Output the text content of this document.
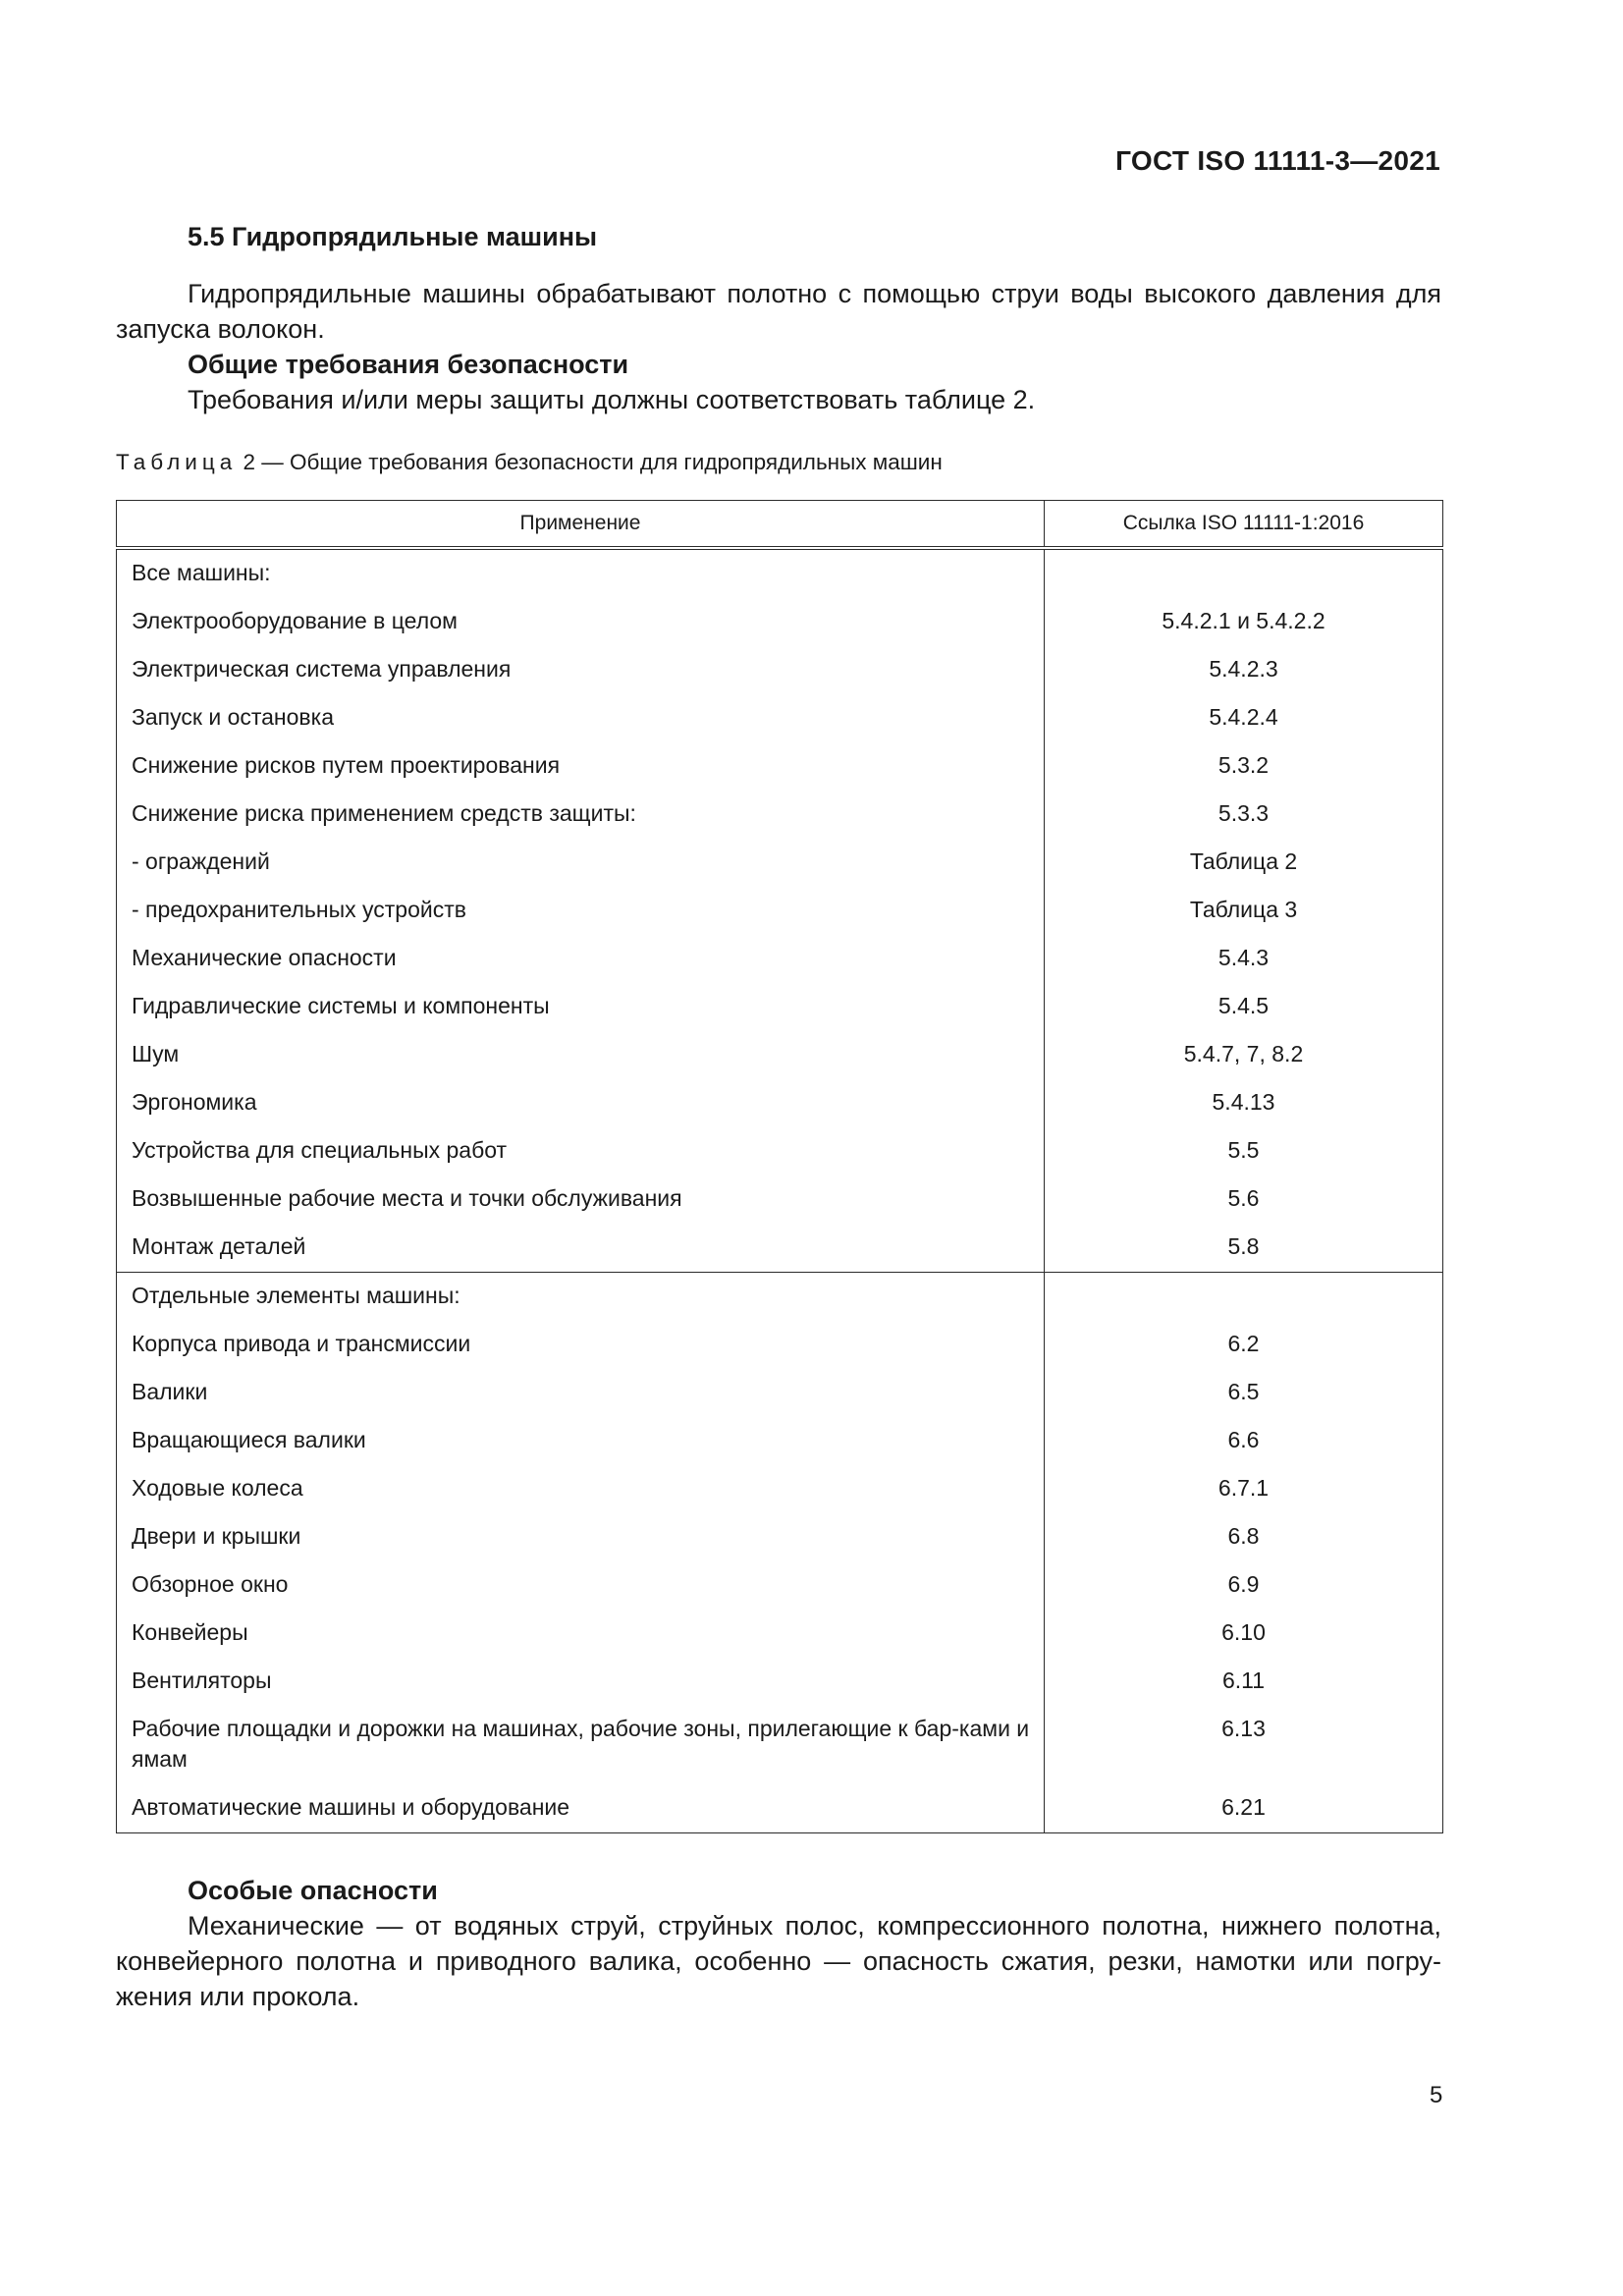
ГОСТ ISO 11111-3—2021
5.5 Гидропрядильные машины

Гидропрядильные машины обрабатывают полотно с помощью струи воды высокого давления для запуска волокон.

Общие требования безопасности

Требования и/или меры защиты должны соответствовать таблице 2.

Таблица 2 — Общие требования безопасности для гидропрядильных машин
Применение	Ссылка ISO 11111-1:2016
Все машины:	
Электрооборудование в целом	5.4.2.1 и 5.4.2.2
Электрическая система управления	5.4.2.3
Запуск и остановка	5.4.2.4
Снижение рисков путем проектирования	5.3.2
Снижение риска применением средств защиты:	5.3.3
- ограждений	Таблица 2
- предохранительных устройств	Таблица 3
Механические опасности	5.4.3
Гидравлические системы и компоненты	5.4.5
Шум	5.4.7, 7, 8.2
Эргономика	5.4.13
Устройства для специальных работ	5.5
Возвышенные рабочие места и точки обслуживания	5.6
Монтаж деталей	5.8
Отдельные элементы машины:	
Корпуса привода и трансмиссии	6.2
Валики	6.5
Вращающиеся валики	6.6
Ходовые колеса	6.7.1
Двери и крышки	6.8
Обзорное окно	6.9
Конвейеры	6.10
Вентиляторы	6.11
Рабочие площадки и дорожки на машинах, рабочие зоны, прилегающие к бар-ками и ямам	6.13
Автоматические машины и оборудование	6.21
Особые опасности

Механические — от водяных струй, струйных полос, компрессионного полотна, нижнего полотна, конвейерного полотна и приводного валика, особенно — опасность сжатия, резки, намотки или погру-жения или прокола.

5
